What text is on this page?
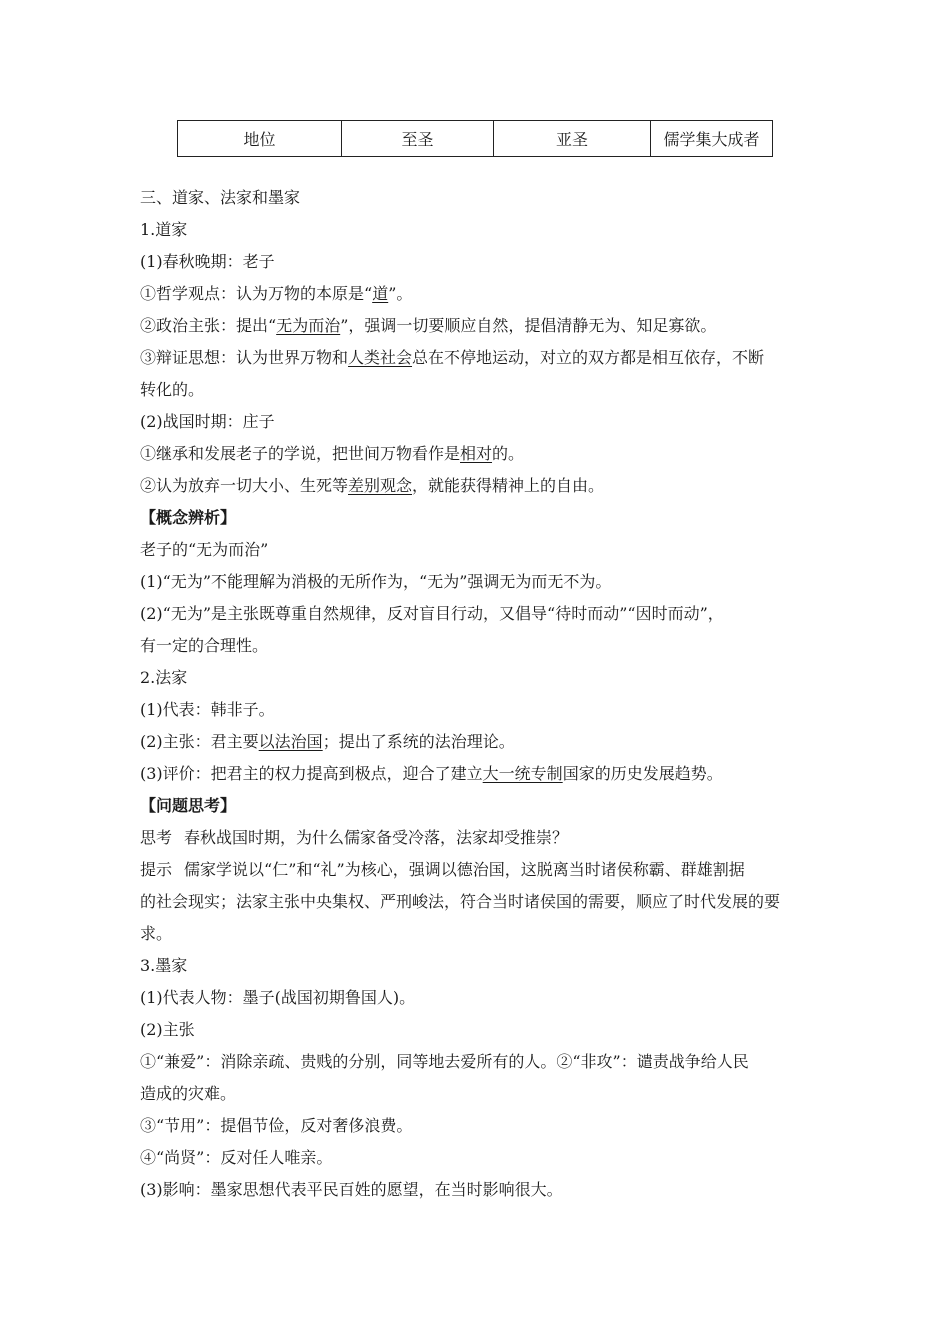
地位	至圣	亚圣	儒学集大成者
三、道家、法家和墨家
1.道家
(1)春秋晚期：老子
①哲学观点：认为万物的本原是“道”。
②政治主张：提出“无为而治”，强调一切要顺应自然，提倡清静无为、知足寡欲。
③辩证思想：认为世界万物和人类社会总在不停地运动，对立的双方都是相互依存，不断
转化的。
(2)战国时期：庄子
①继承和发展老子的学说，把世间万物看作是相对的。
②认为放弃一切大小、生死等差别观念，就能获得精神上的自由。
【概念辨析】
老子的“无为而治”
(1)“无为”不能理解为消极的无所作为，“无为”强调无为而无不为。
(2)“无为”是主张既尊重自然规律，反对盲目行动，又倡导“待时而动”“因时而动”，
有一定的合理性。
2.法家
(1)代表：韩非子。
(2)主张：君主要以法治国；提出了系统的法治理论。
(3)评价：把君主的权力提高到极点，迎合了建立大一统专制国家的历史发展趋势。
【问题思考】
思考 春秋战国时期，为什么儒家备受冷落，法家却受推崇？
提示 儒家学说以“仁”和“礼”为核心，强调以德治国，这脱离当时诸侯称霸、群雄割据
的社会现实；法家主张中央集权、严刑峻法，符合当时诸侯国的需要，顺应了时代发展的要
求。
3.墨家
(1)代表人物：墨子(战国初期鲁国人)。
(2)主张
①“兼爱”：消除亲疏、贵贱的分别，同等地去爱所有的人。②“非攻”：谴责战争给人民
造成的灾难。
③“节用”：提倡节俭，反对奢侈浪费。
④“尚贤”：反对任人唯亲。
(3)影响：墨家思想代表平民百姓的愿望，在当时影响很大。
